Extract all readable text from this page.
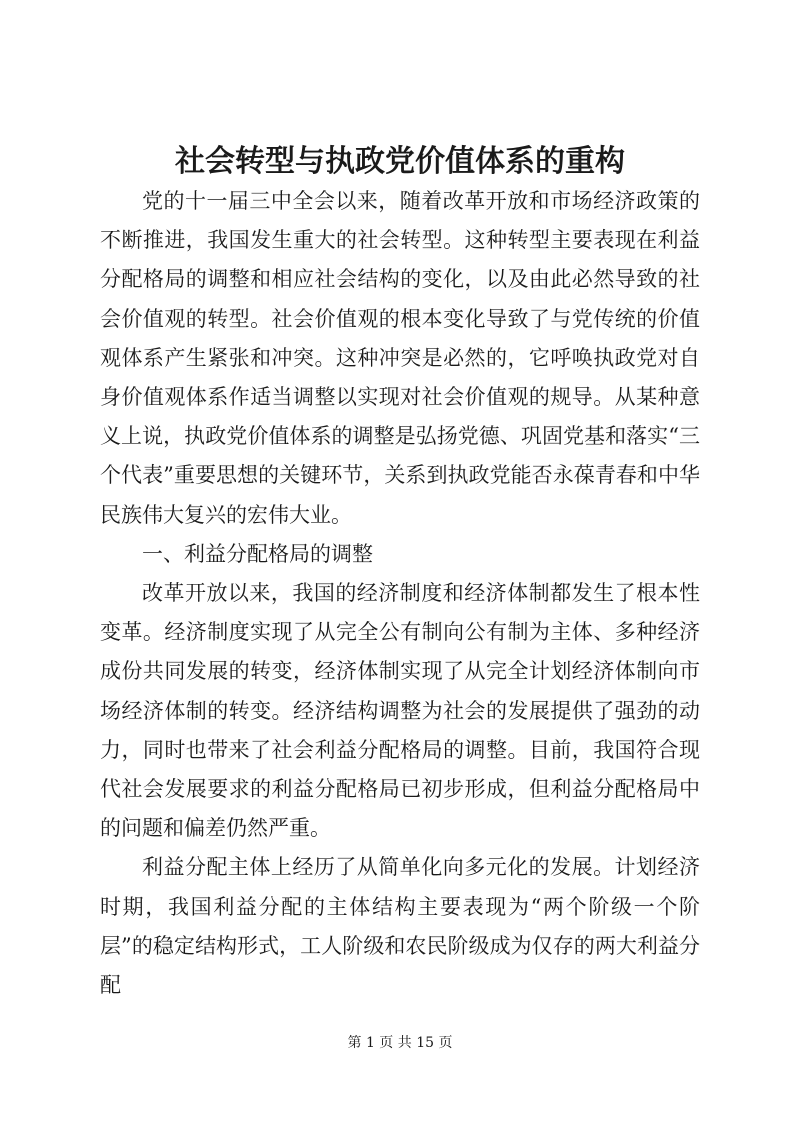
社会转型与执政党价值体系的重构

党的十一届三中全会以来，随着改革开放和市场经济政策的不断推进，我国发生重大的社会转型。这种转型主要表现在利益分配格局的调整和相应社会结构的变化，以及由此必然导致的社会价值观的转型。社会价值观的根本变化导致了与党传统的价值观体系产生紧张和冲突。这种冲突是必然的，它呼唤执政党对自身价值观体系作适当调整以实现对社会价值观的规导。从某种意义上说，执政党价值体系的调整是弘扬党德、巩固党基和落实“三个代表”重要思想的关键环节，关系到执政党能否永葆青春和中华民族伟大复兴的宏伟大业。

一、利益分配格局的调整

改革开放以来，我国的经济制度和经济体制都发生了根本性变革。经济制度实现了从完全公有制向公有制为主体、多种经济成份共同发展的转变，经济体制实现了从完全计划经济体制向市场经济体制的转变。经济结构调整为社会的发展提供了强劲的动力，同时也带来了社会利益分配格局的调整。目前，我国符合现代社会发展要求的利益分配格局已初步形成，但利益分配格局中的问题和偏差仍然严重。

利益分配主体上经历了从简单化向多元化的发展。计划经济时期，我国利益分配的主体结构主要表现为“两个阶级一个阶层”的稳定结构形式，工人阶级和农民阶级成为仅存的两大利益分配

第 1 页 共 15 页
